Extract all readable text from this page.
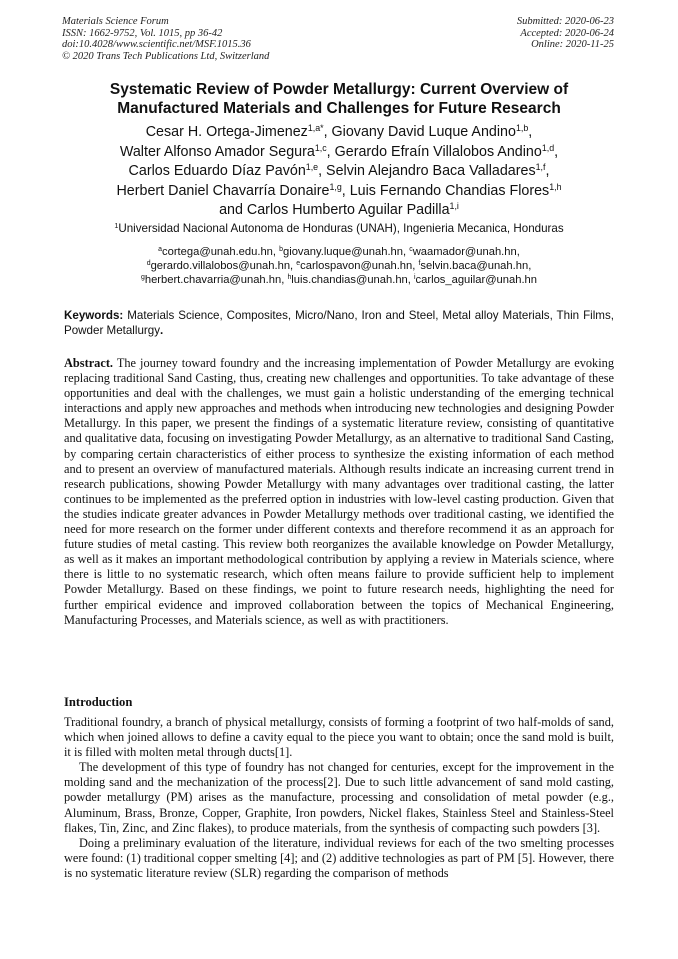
Materials Science Forum
ISSN: 1662-9752, Vol. 1015, pp 36-42
doi:10.4028/www.scientific.net/MSF.1015.36
© 2020 Trans Tech Publications Ltd, Switzerland
Submitted: 2020-06-23
Accepted: 2020-06-24
Online: 2020-11-25
Systematic Review of Powder Metallurgy: Current Overview of
Manufactured Materials and Challenges for Future Research
Cesar H. Ortega-Jimenez$^{1,a*}$, Giovany David Luque Andino$^{1,b}$,
Walter Alfonso Amador Segura$^{1,c}$, Gerardo Efraín Villalobos Andino$^{1,d}$,
Carlos Eduardo Díaz Pavón$^{1,e}$, Selvin Alejandro Baca Valladares$^{1,f}$,
Herbert Daniel Chavarría Donaire$^{1,g}$, Luis Fernando Chandias Flores$^{1,h}$
and Carlos Humberto Aguilar Padilla$^{1,i}$
$^1$Universidad Nacional Autonoma de Honduras (UNAH), Ingenieria Mecanica, Honduras
$^a$cortega@unah.edu.hn, $^b$giovany.luque@unah.hn, $^c$waamador@unah.hn,
$^d$gerardo.villalobos@unah.hn, $^e$carlospavon@unah.hn, $^f$selvin.baca@unah.hn,
$^g$herbert.chavarria@unah.hn, $^h$luis.chandias@unah.hn, $^i$carlos_aguilar@unah.hn
Keywords: Materials Science, Composites, Micro/Nano, Iron and Steel, Metal alloy Materials, Thin Films, Powder Metallurgy.
Abstract. The journey toward foundry and the increasing implementation of Powder Metallurgy are evoking replacing traditional Sand Casting, thus, creating new challenges and opportunities. To take advantage of these opportunities and deal with the challenges, we must gain a holistic understanding of the emerging technical interactions and apply new approaches and methods when introducing new technologies and designing Powder Metallurgy. In this paper, we present the findings of a systematic literature review, consisting of quantitative and qualitative data, focusing on investigating Powder Metallurgy, as an alternative to traditional Sand Casting, by comparing certain characteristics of either process to synthesize the existing information of each method and to present an overview of manufactured materials. Although results indicate an increasing current trend in research publications, showing Powder Metallurgy with many advantages over traditional casting, the latter continues to be implemented as the preferred option in industries with low-level casting production. Given that the studies indicate greater advances in Powder Metallurgy methods over traditional casting, we identified the need for more research on the former under different contexts and therefore recommend it as an approach for future studies of metal casting. This review both reorganizes the available knowledge on Powder Metallurgy, as well as it makes an important methodological contribution by applying a review in Materials science, where there is little to no systematic research, which often means failure to provide sufficient help to implement Powder Metallurgy. Based on these findings, we point to future research needs, highlighting the need for further empirical evidence and improved collaboration between the topics of Mechanical Engineering, Manufacturing Processes, and Materials science, as well as with practitioners.
Introduction

Traditional foundry, a branch of physical metallurgy, consists of forming a footprint of two half-molds of sand, which when joined allows to define a cavity equal to the piece you want to obtain; once the sand mold is built, it is filled with molten metal through ducts[1].

The development of this type of foundry has not changed for centuries, except for the improvement in the molding sand and the mechanization of the process[2]. Due to such little advancement of sand mold casting, powder metallurgy (PM) arises as the manufacture, processing and consolidation of metal powder (e.g., Aluminum, Brass, Bronze, Copper, Graphite, Iron powders, Nickel flakes, Stainless Steel and Stainless-Steel flakes, Tin, Zinc, and Zinc flakes), to produce materials, from the synthesis of compacting such powders [3].

Doing a preliminary evaluation of the literature, individual reviews for each of the two smelting processes were found: (1) traditional copper smelting [4]; and (2) additive technologies as part of PM [5]. However, there is no systematic literature review (SLR) regarding the comparison of methods
